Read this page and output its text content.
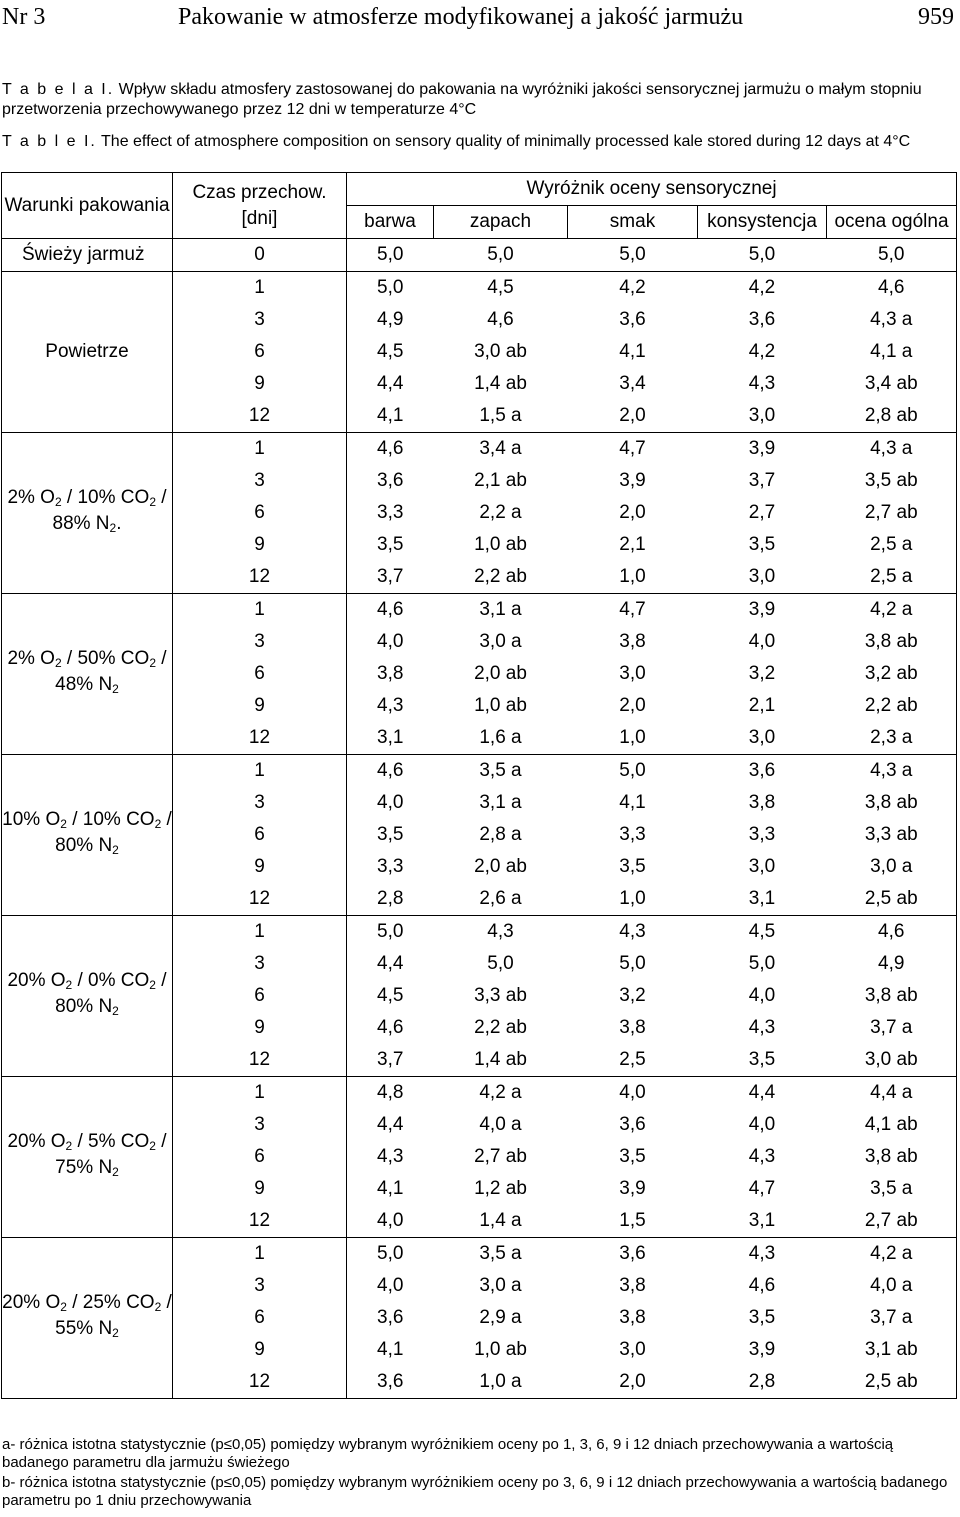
Nr 3	Pakowanie w atmosferze modyfikowanej a jakość jarmużu	959
T a b e l a I. Wpływ składu atmosfery zastosowanej do pakowania na wyróżniki jakości sensorycznej jarmużu o małym stopniu przetworzenia przechowywanego przez 12 dni w temperaturze 4°C
T a b l e I. The effect of atmosphere composition on sensory quality of minimally processed kale stored during 12 days at 4°C
Warunki pakowania	Czas przechow. [dni]	Wyróżnik oceny sensorycznej				
		barwa	zapach	smak	konsystencja	ocena ogólna
Świeży jarmuż	0	5,0	5,0	5,0	5,0	5,0
Powietrze	1	5,0	4,5	4,2	4,2	4,6
	3	4,9	4,6	3,6	3,6	4,3 a
	6	4,5	3,0 ab	4,1	4,2	4,1 a
	9	4,4	1,4 ab	3,4	4,3	3,4 ab
	12	4,1	1,5 a	2,0	3,0	2,8 ab
2% $O_2 / 10\%$ $CO_2 / 88\%$ $N_2$.	1	4,6	3,4 a	4,7	3,9	4,3 a
	3	3,6	2,1 ab	3,9	3,7	3,5 ab
	6	3,3	2,2 a	2,0	2,7	2,7 ab
	9	3,5	1,0 ab	2,1	3,5	2,5 a
	12	3,7	2,2 ab	1,0	3,0	2,5 a
2% $O_2 / 50\%$ $CO_2 / 48\%$ $N_2$	1	4,6	3,1 a	4,7	3,9	4,2 a
	3	4,0	3,0 a	3,8	4,0	3,8 ab
	6	3,8	2,0 ab	3,0	3,2	3,2 ab
	9	4,3	1,0 ab	2,0	2,1	2,2 ab
	12	3,1	1,6 a	1,0	3,0	2,3 a
10% $O_2 / 10\%$ $CO_2 / 80\%$ $N_2$	1	4,6	3,5 a	5,0	3,6	4,3 a
	3	4,0	3,1 a	4,1	3,8	3,8 ab
	6	3,5	2,8 a	3,3	3,3	3,3 ab
	9	3,3	2,0 ab	3,5	3,0	3,0 a
	12	2,8	2,6 a	1,0	3,1	2,5 ab
20% $O_2 / 0\%$ $CO_2 / 80\%$ $N_2$	1	5,0	4,3	4,3	4,5	4,6
	3	4,4	5,0	5,0	5,0	4,9
	6	4,5	3,3 ab	3,2	4,0	3,8 ab
	9	4,6	2,2 ab	3,8	4,3	3,7 a
	12	3,7	1,4 ab	2,5	3,5	3,0 ab
20% $O_2 / 5\%$ $CO_2 / 75\%$ $N_2$	1	4,8	4,2 a	4,0	4,4	4,4 a
	3	4,4	4,0 a	3,6	4,0	4,1 ab
	6	4,3	2,7 ab	3,5	4,3	3,8 ab
	9	4,1	1,2 ab	3,9	4,7	3,5 a
	12	4,0	1,4 a	1,5	3,1	2,7 ab
20% $O_2 / 25\%$ $CO_2 / 55\%$ $N_2$	1	5,0	3,5 a	3,6	4,3	4,2 a
	3	4,0	3,0 a	3,8	4,6	4,0 a
	6	3,6	2,9 a	3,8	3,5	3,7 a
	9	4,1	1,0 ab	3,0	3,9	3,1 ab
	12	3,6	1,0 a	2,0	2,8	2,5 ab

a- różnica istotna statystycznie (p≤0,05) pomiędzy wybranym wyróżnikiem oceny po 1, 3, 6, 9 i 12 dniach przechowywania a wartością badanego parametru dla jarmużu świeżego

b- różnica istotna statystycznie (p≤0,05) pomiędzy wybranym wyróżnikiem oceny po 3, 6, 9 i 12 dniach przechowywania a wartością badanego parametru po 1 dniu przechowywania
